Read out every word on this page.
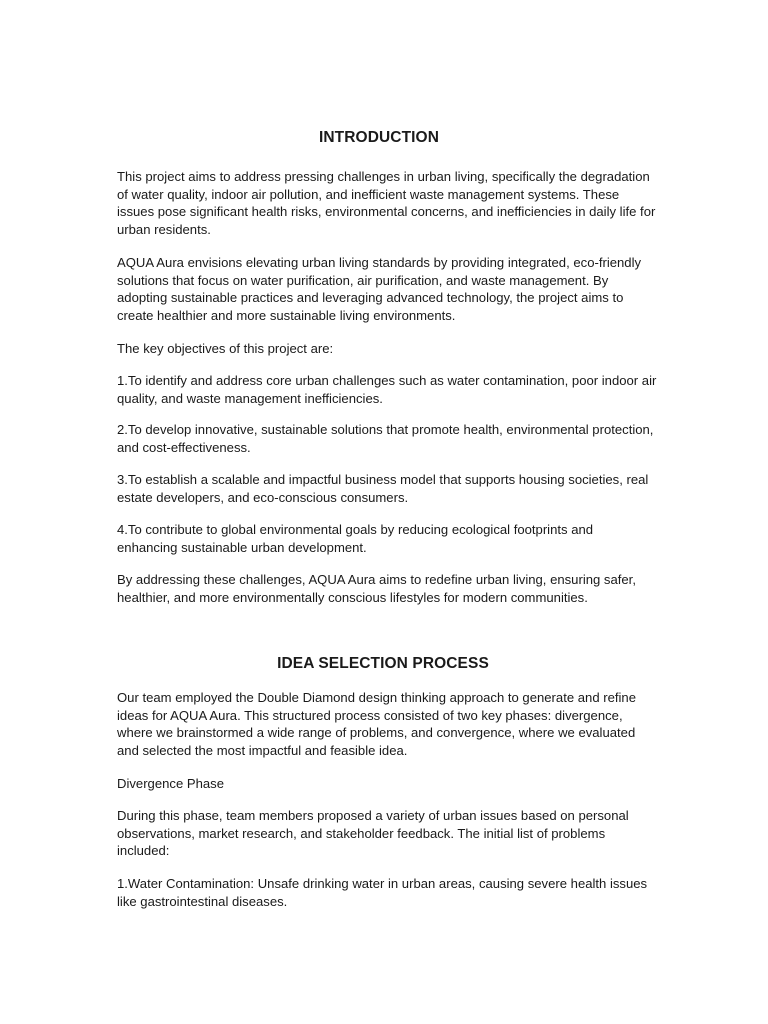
INTRODUCTION

This project aims to address pressing challenges in urban living, specifically the degradation of water quality, indoor air pollution, and inefficient waste management systems. These issues pose significant health risks, environmental concerns, and inefficiencies in daily life for urban residents.

AQUA Aura envisions elevating urban living standards by providing integrated, eco-friendly solutions that focus on water purification, air purification, and waste management. By adopting sustainable practices and leveraging advanced technology, the project aims to create healthier and more sustainable living environments.

The key objectives of this project are:

1.To identify and address core urban challenges such as water contamination, poor indoor air quality, and waste management inefficiencies.

2.To develop innovative, sustainable solutions that promote health, environmental protection, and cost-effectiveness.

3.To establish a scalable and impactful business model that supports housing societies, real estate developers, and eco-conscious consumers.

4.To contribute to global environmental goals by reducing ecological footprints and enhancing sustainable urban development.

By addressing these challenges, AQUA Aura aims to redefine urban living, ensuring safer, healthier, and more environmentally conscious lifestyles for modern communities.

IDEA SELECTION PROCESS

Our team employed the Double Diamond design thinking approach to generate and refine ideas for AQUA Aura. This structured process consisted of two key phases: divergence, where we brainstormed a wide range of problems, and convergence, where we evaluated and selected the most impactful and feasible idea.

Divergence Phase

During this phase, team members proposed a variety of urban issues based on personal observations, market research, and stakeholder feedback. The initial list of problems included:

1.Water Contamination: Unsafe drinking water in urban areas, causing severe health issues like gastrointestinal diseases.
